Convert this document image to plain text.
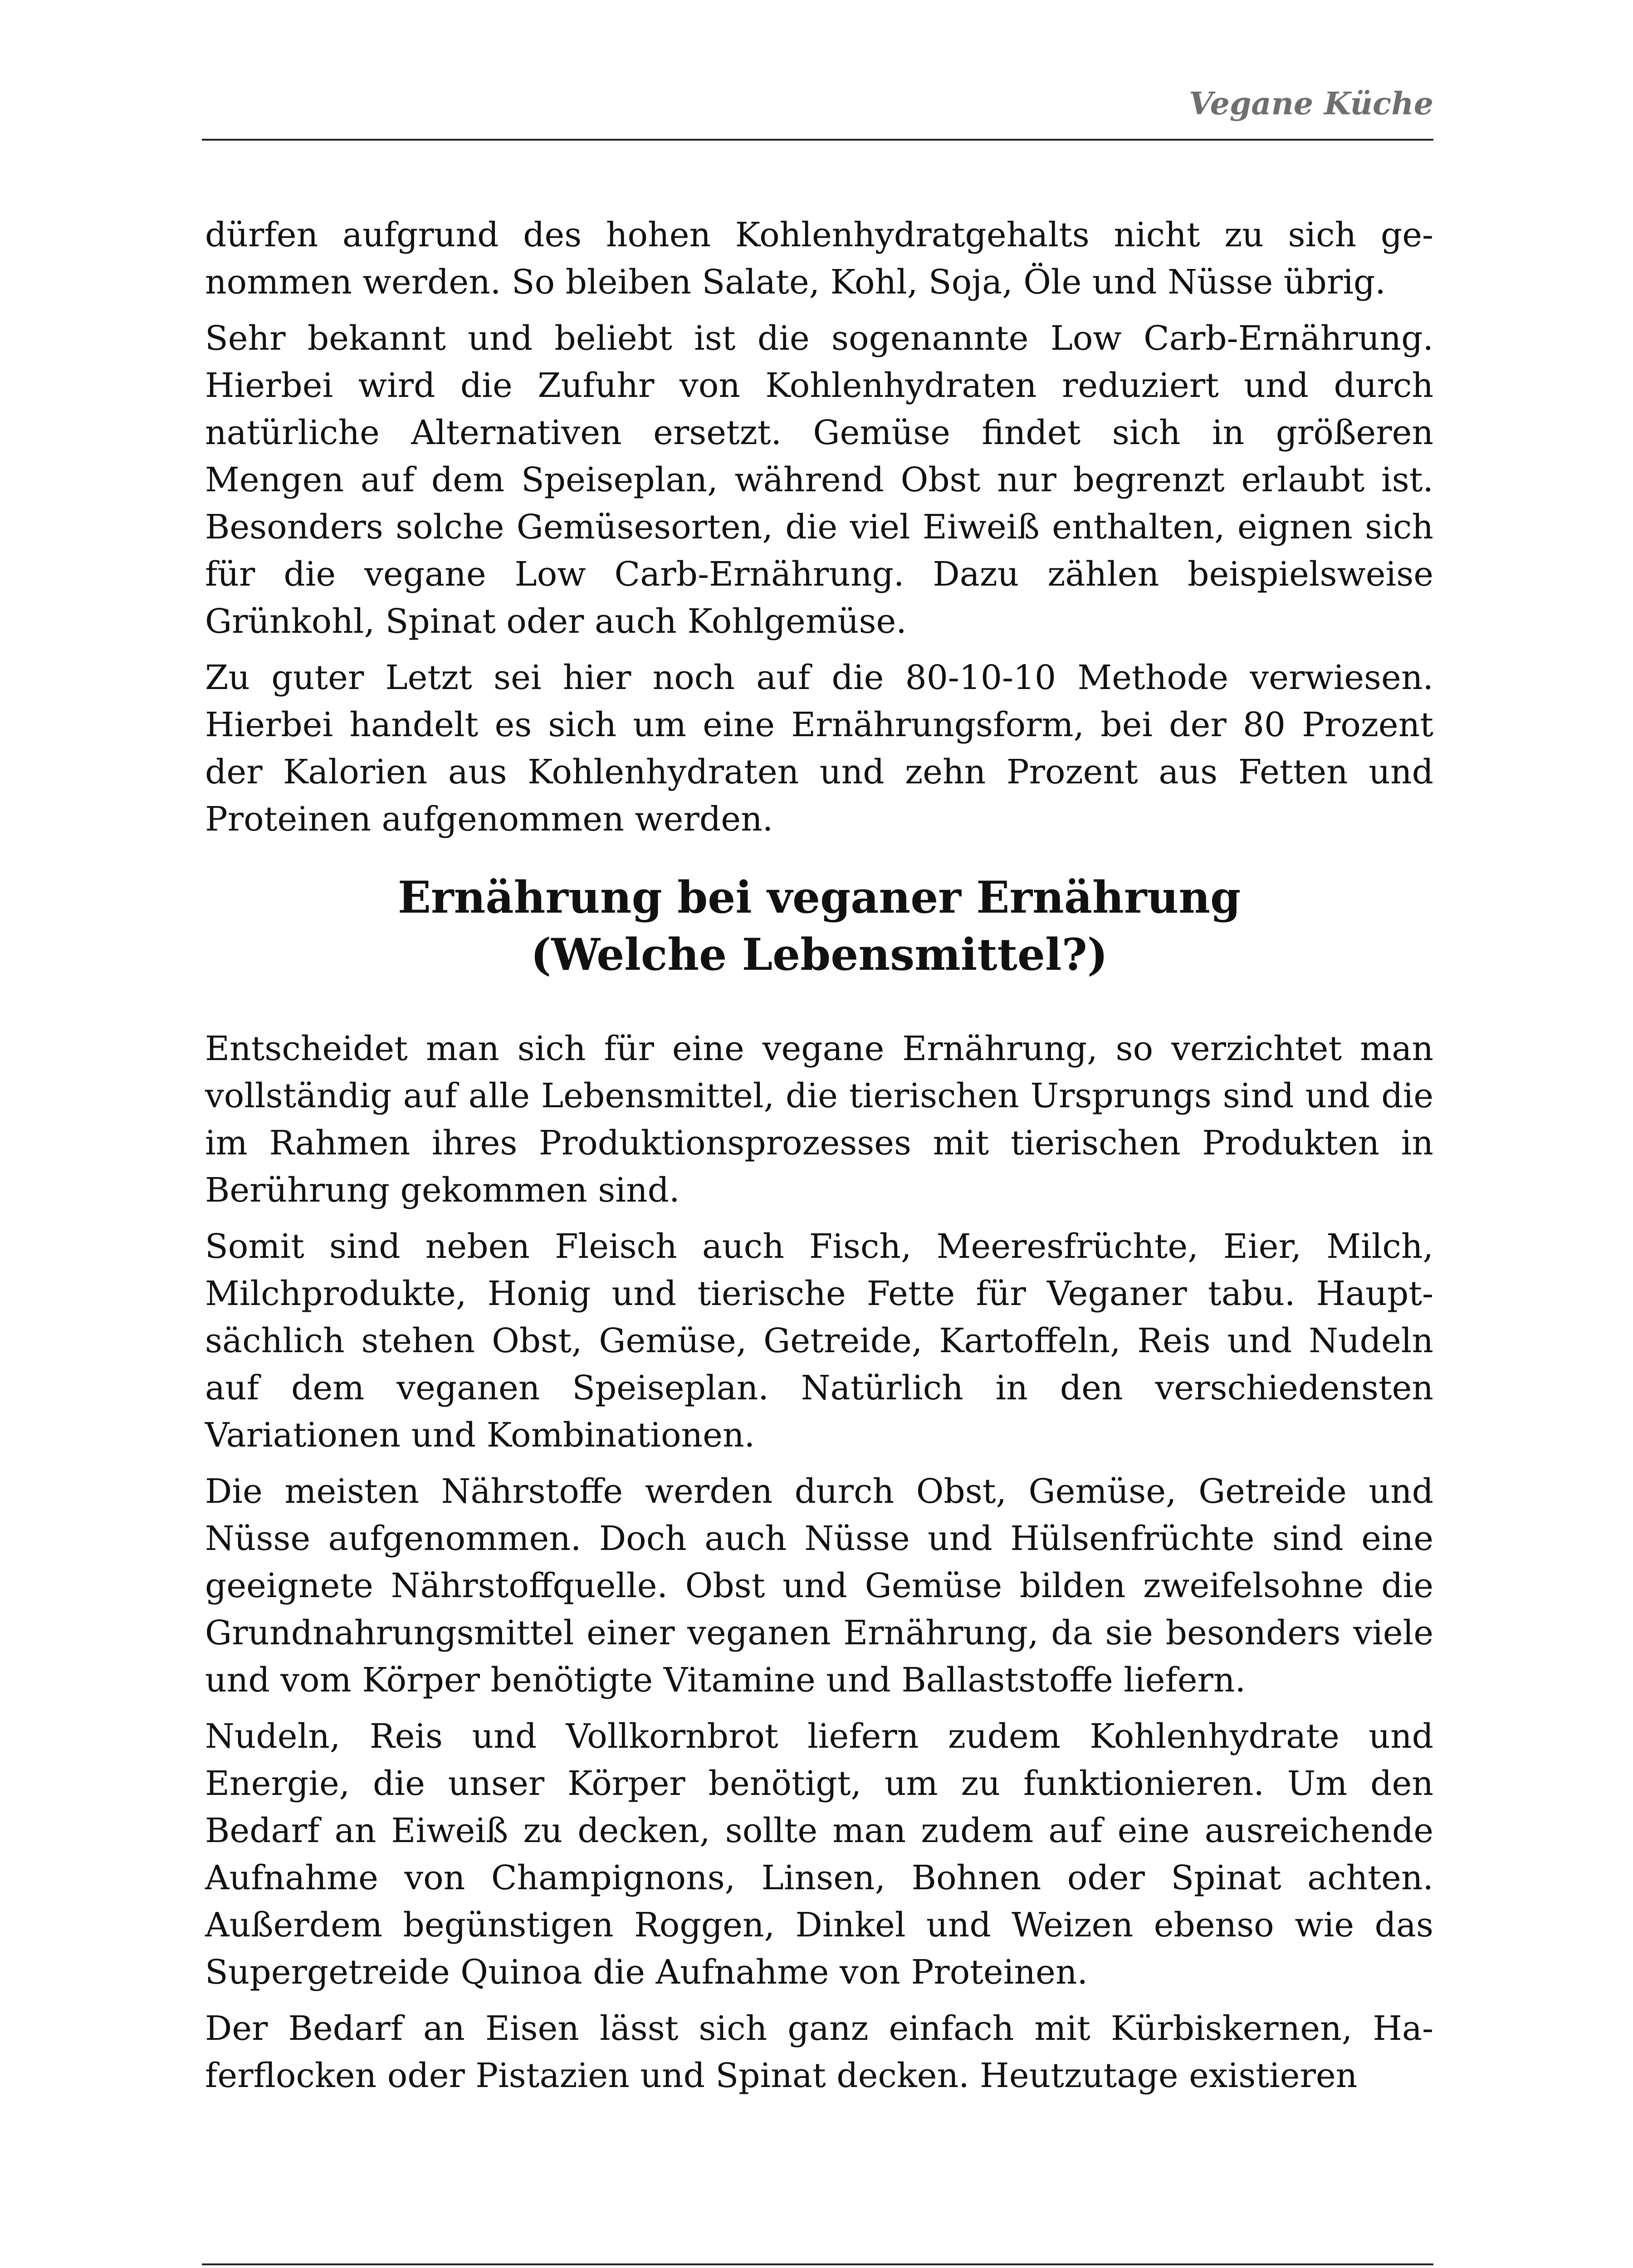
Vegane Küche

dürfen aufgrund des hohen Kohlenhydratgehalts nicht zu sich genommen werden. So bleiben Salate, Kohl, Soja, Öle und Nüsse übrig.

Sehr bekannt und beliebt ist die sogenannte Low Carb-Ernährung. Hierbei wird die Zufuhr von Kohlenhydraten reduziert und durch natürliche Alternativen ersetzt. Gemüse findet sich in größeren Mengen auf dem Speiseplan, während Obst nur begrenzt erlaubt ist. Besonders solche Gemüsesorten, die viel Eiweiß enthalten, eignen sich für die vegane Low Carb-Ernährung. Dazu zählen beispielsweise Grünkohl, Spinat oder auch Kohlgemüse.

Zu guter Letzt sei hier noch auf die 80-10-10 Methode verwiesen. Hierbei handelt es sich um eine Ernährungsform, bei der 80 Prozent der Kalorien aus Kohlenhydraten und zehn Prozent aus Fetten und Proteinen aufgenommen werden.

Ernährung bei veganer Ernährung
(Welche Lebensmittel?)

Entscheidet man sich für eine vegane Ernährung, so verzichtet man vollständig auf alle Lebensmittel, die tierischen Ursprungs sind und die im Rahmen ihres Produktionsprozesses mit tierischen Produkten in Berührung gekommen sind.

Somit sind neben Fleisch auch Fisch, Meeresfrüchte, Eier, Milch, Milchprodukte, Honig und tierische Fette für Veganer tabu. Hauptsächlich stehen Obst, Gemüse, Getreide, Kartoffeln, Reis und Nudeln auf dem veganen Speiseplan. Natürlich in den verschiedensten Variationen und Kombinationen.

Die meisten Nährstoffe werden durch Obst, Gemüse, Getreide und Nüsse aufgenommen. Doch auch Nüsse und Hülsenfrüchte sind eine geeignete Nährstoffquelle. Obst und Gemüse bilden zweifelsohne die Grundnahrungsmittel einer veganen Ernährung, da sie besonders viele und vom Körper benötigte Vitamine und Ballaststoffe liefern.

Nudeln, Reis und Vollkornbrot liefern zudem Kohlenhydrate und Energie, die unser Körper benötigt, um zu funktionieren. Um den Bedarf an Eiweiß zu decken, sollte man zudem auf eine ausreichende Aufnahme von Champignons, Linsen, Bohnen oder Spinat achten. Außerdem begünstigen Roggen, Dinkel und Weizen ebenso wie das Supergetreide Quinoa die Aufnahme von Proteinen.

Der Bedarf an Eisen lässt sich ganz einfach mit Kürbiskernen, Haferflocken oder Pistazien und Spinat decken. Heutzutage existieren
